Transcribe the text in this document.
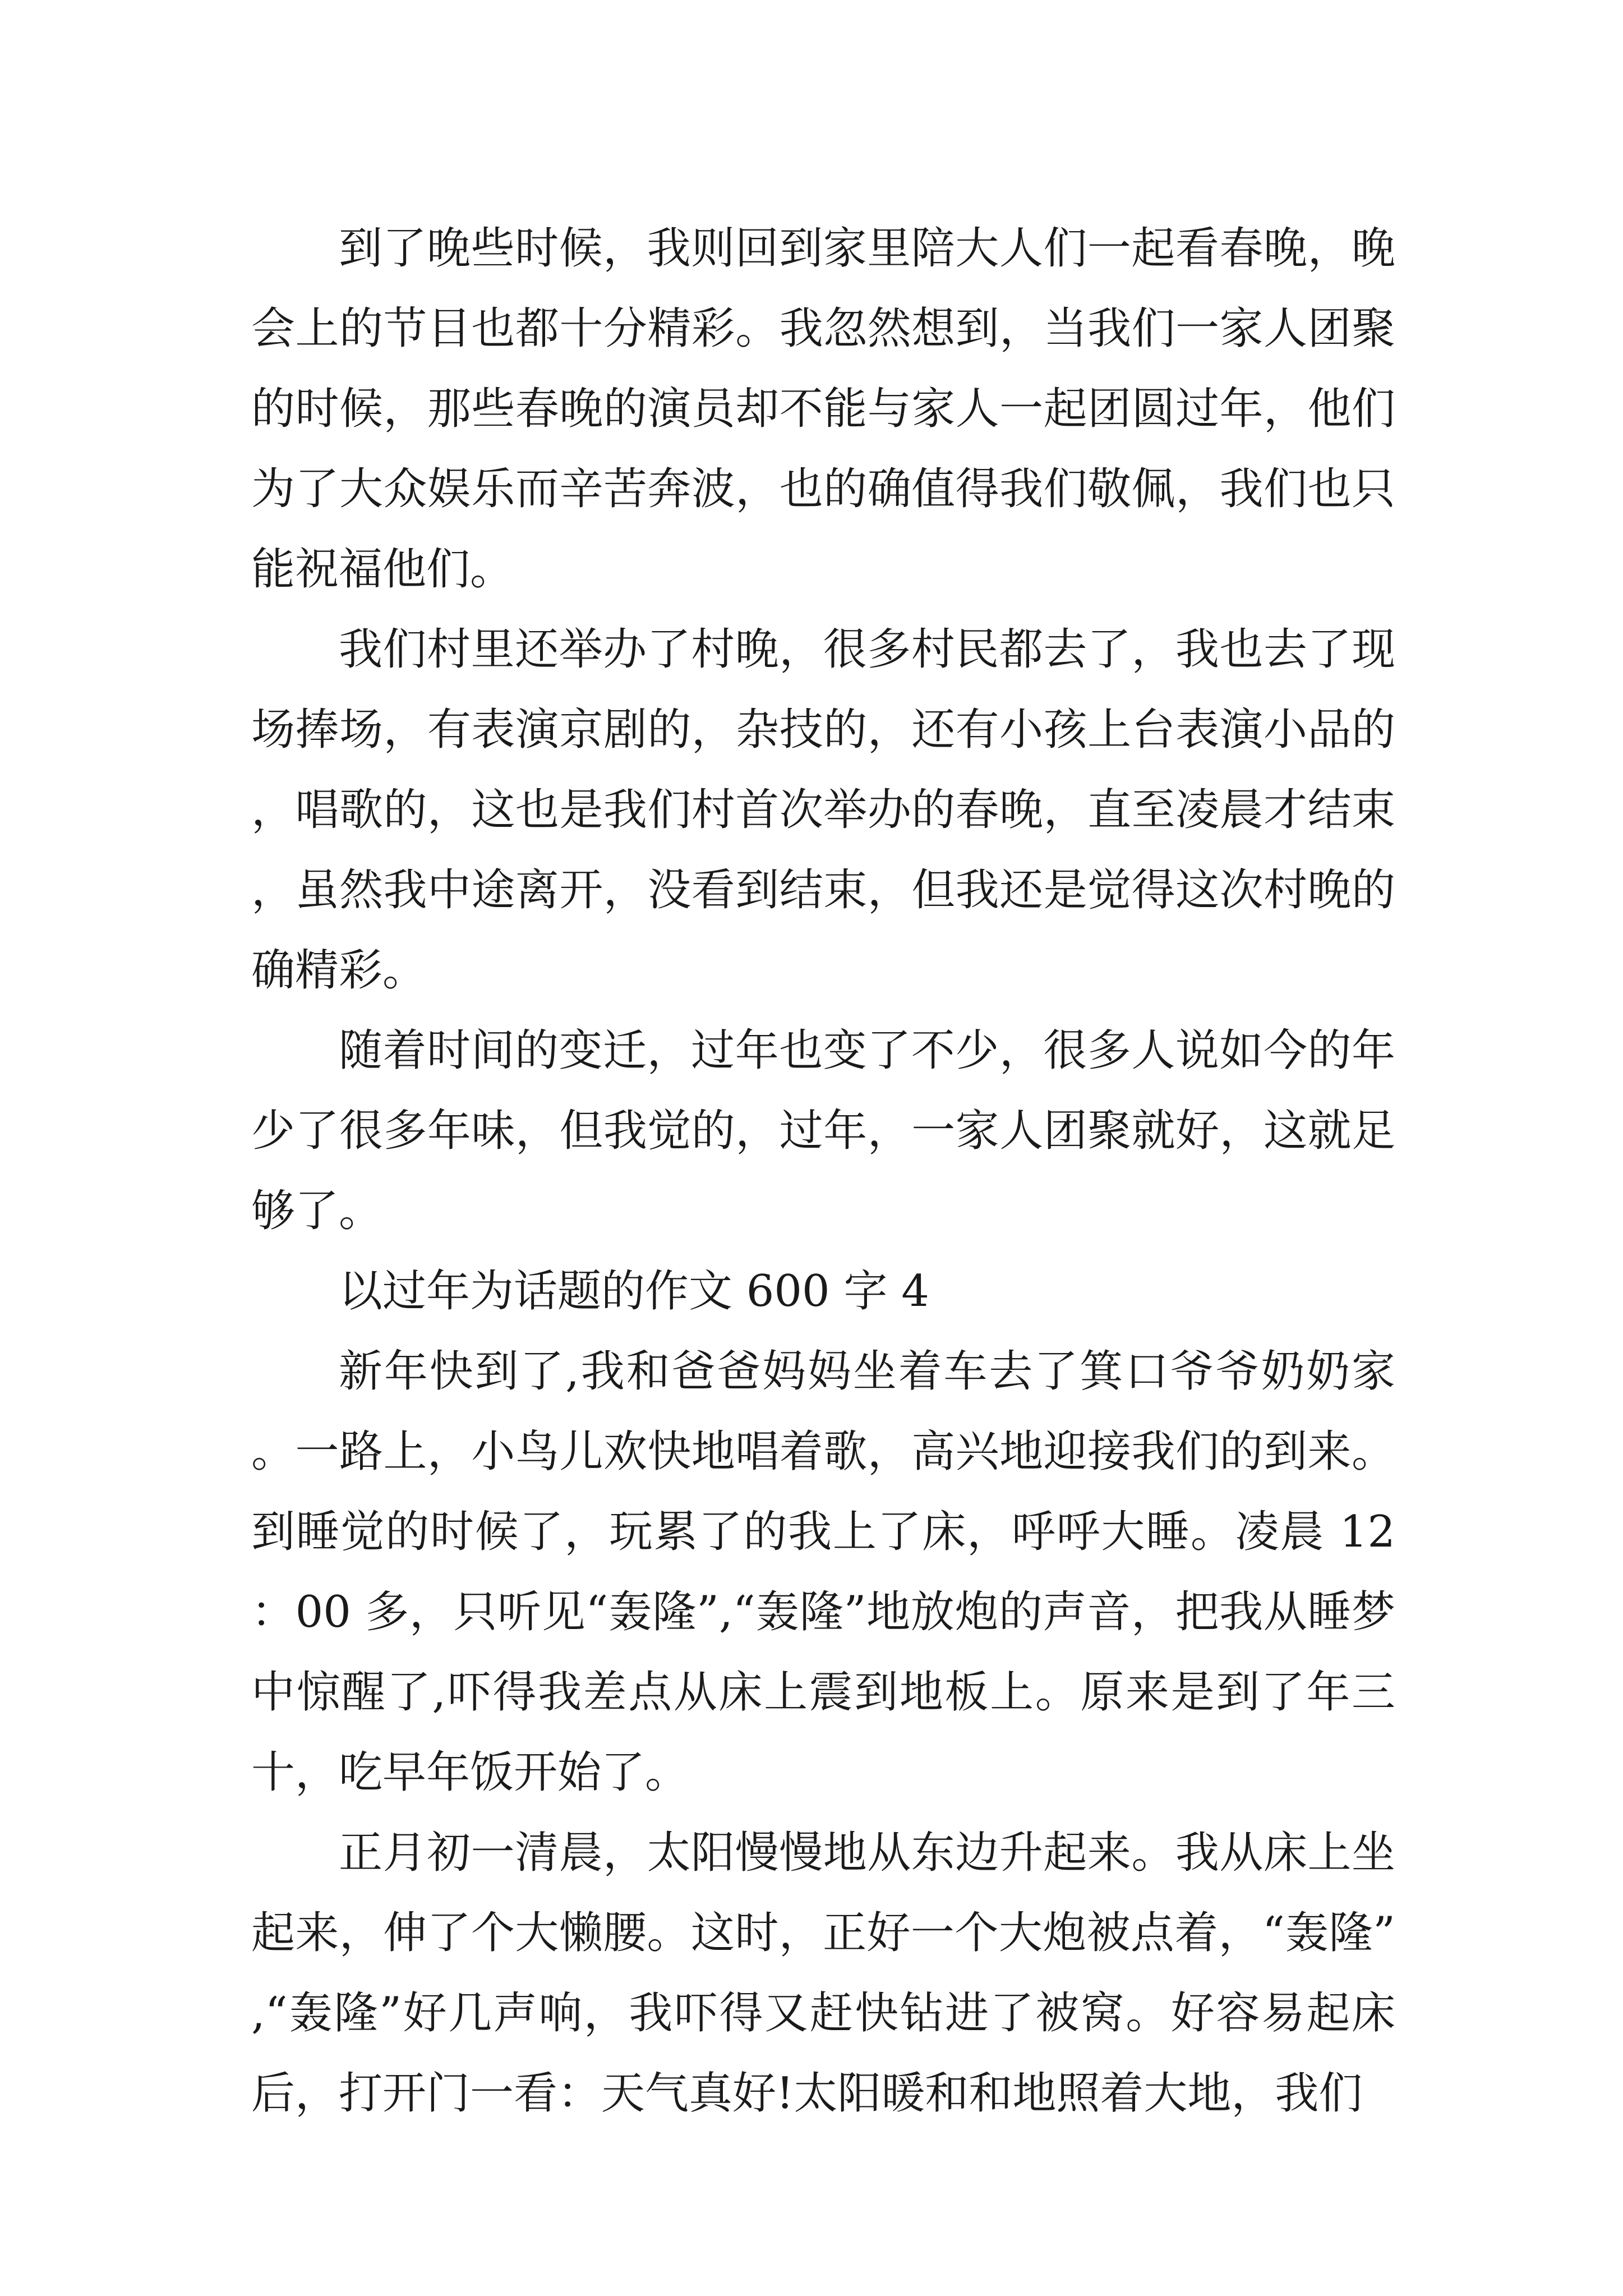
到了晚些时候，我则回到家里陪大人们一起看春晚，晚会上的节目也都十分精彩。我忽然想到，当我们一家人团聚的时候，那些春晚的演员却不能与家人一起团圆过年，他们为了大众娱乐而辛苦奔波，也的确值得我们敬佩，我们也只能祝福他们。

我们村里还举办了村晚，很多村民都去了，我也去了现场捧场，有表演京剧的，杂技的，还有小孩上台表演小品的，唱歌的，这也是我们村首次举办的春晚，直至凌晨才结束，虽然我中途离开，没看到结束，但我还是觉得这次村晚的确精彩。

随着时间的变迁，过年也变了不少，很多人说如今的年少了很多年味，但我觉的，过年，一家人团聚就好，这就足够了。

以过年为话题的作文 600 字 4

新年快到了,我和爸爸妈妈坐着车去了箕口爷爷奶奶家。一路上，小鸟儿欢快地唱着歌，高兴地迎接我们的到来。到睡觉的时候了，玩累了的我上了床，呼呼大睡。凌晨 12：00 多，只听见“轰隆”,“轰隆”地放炮的声音，把我从睡梦中惊醒了,吓得我差点从床上震到地板上。原来是到了年三十，吃早年饭开始了。

正月初一清晨，太阳慢慢地从东边升起来。我从床上坐起来，伸了个大懒腰。这时，正好一个大炮被点着，“轰隆”,“轰隆”好几声响，我吓得又赶快钻进了被窝。好容易起床后，打开门一看：天气真好!太阳暖和和地照着大地，我们
